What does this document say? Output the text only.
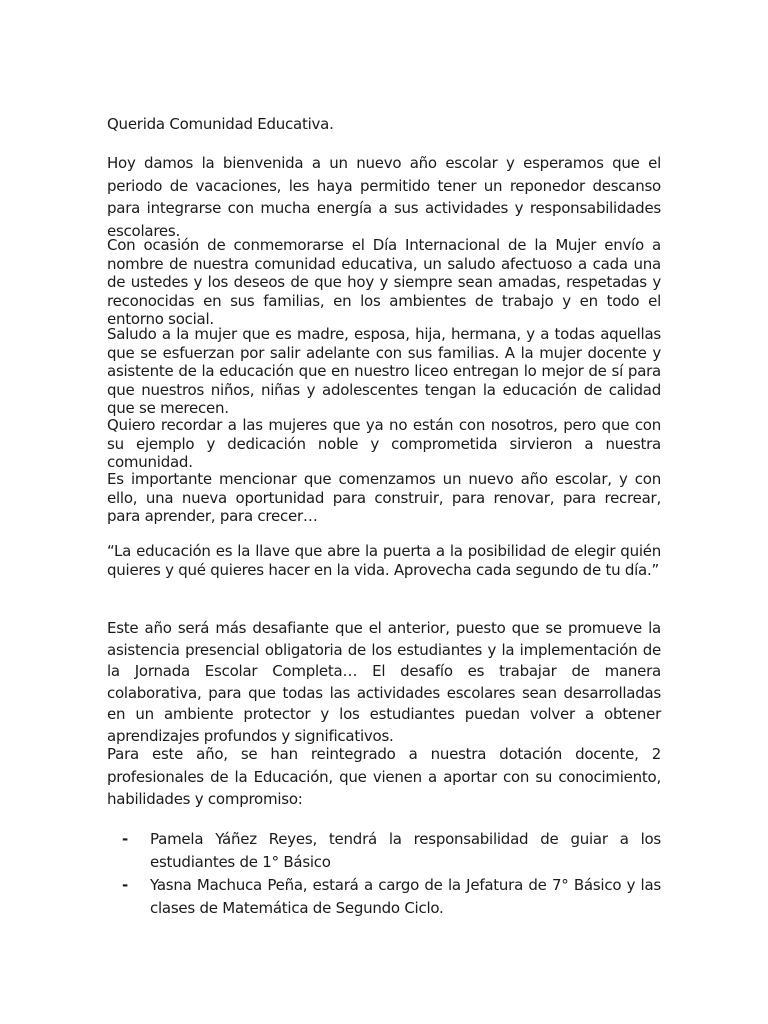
Querida Comunidad Educativa.

Hoy damos la bienvenida a un nuevo año escolar y esperamos que el periodo de vacaciones, les haya permitido tener un reponedor descanso para integrarse con mucha energía a sus actividades y responsabilidades escolares.

Con ocasión de conmemorarse el Día Internacional de la Mujer envío a nombre de nuestra comunidad educativa, un saludo afectuoso a cada una de ustedes y los deseos de que hoy y siempre sean amadas, respetadas y reconocidas en sus familias, en los ambientes de trabajo y en todo el entorno social.

Saludo a la mujer que es madre, esposa, hija, hermana, y a todas aquellas que se esfuerzan por salir adelante con sus familias. A la mujer docente y asistente de la educación que en nuestro liceo entregan lo mejor de sí para que nuestros niños, niñas y adolescentes tengan la educación de calidad que se merecen.

Quiero recordar a las mujeres que ya no están con nosotros, pero que con su ejemplo y dedicación noble y comprometida sirvieron a nuestra comunidad.

Es importante mencionar que comenzamos un nuevo año escolar, y con ello, una nueva oportunidad para construir, para renovar, para recrear, para aprender, para crecer…

“La educación es la llave que abre la puerta a la posibilidad de elegir quién quieres y qué quieres hacer en la vida. Aprovecha cada segundo de tu día.”

Este año será más desafiante que el anterior, puesto que se promueve la asistencia presencial obligatoria de los estudiantes y la implementación de la Jornada Escolar Completa… El desafío es trabajar de manera colaborativa, para que todas las actividades escolares sean desarrolladas en un ambiente protector y los estudiantes puedan volver a obtener aprendizajes profundos y significativos.

Para este año, se han reintegrado a nuestra dotación docente, 2 profesionales de la Educación, que vienen a aportar con su conocimiento, habilidades y compromiso:

- Pamela Yáñez Reyes, tendrá la responsabilidad de guiar a los estudiantes de 1° Básico
- Yasna Machuca Peña, estará a cargo de la Jefatura de 7° Básico y las clases de Matemática de Segundo Ciclo.
